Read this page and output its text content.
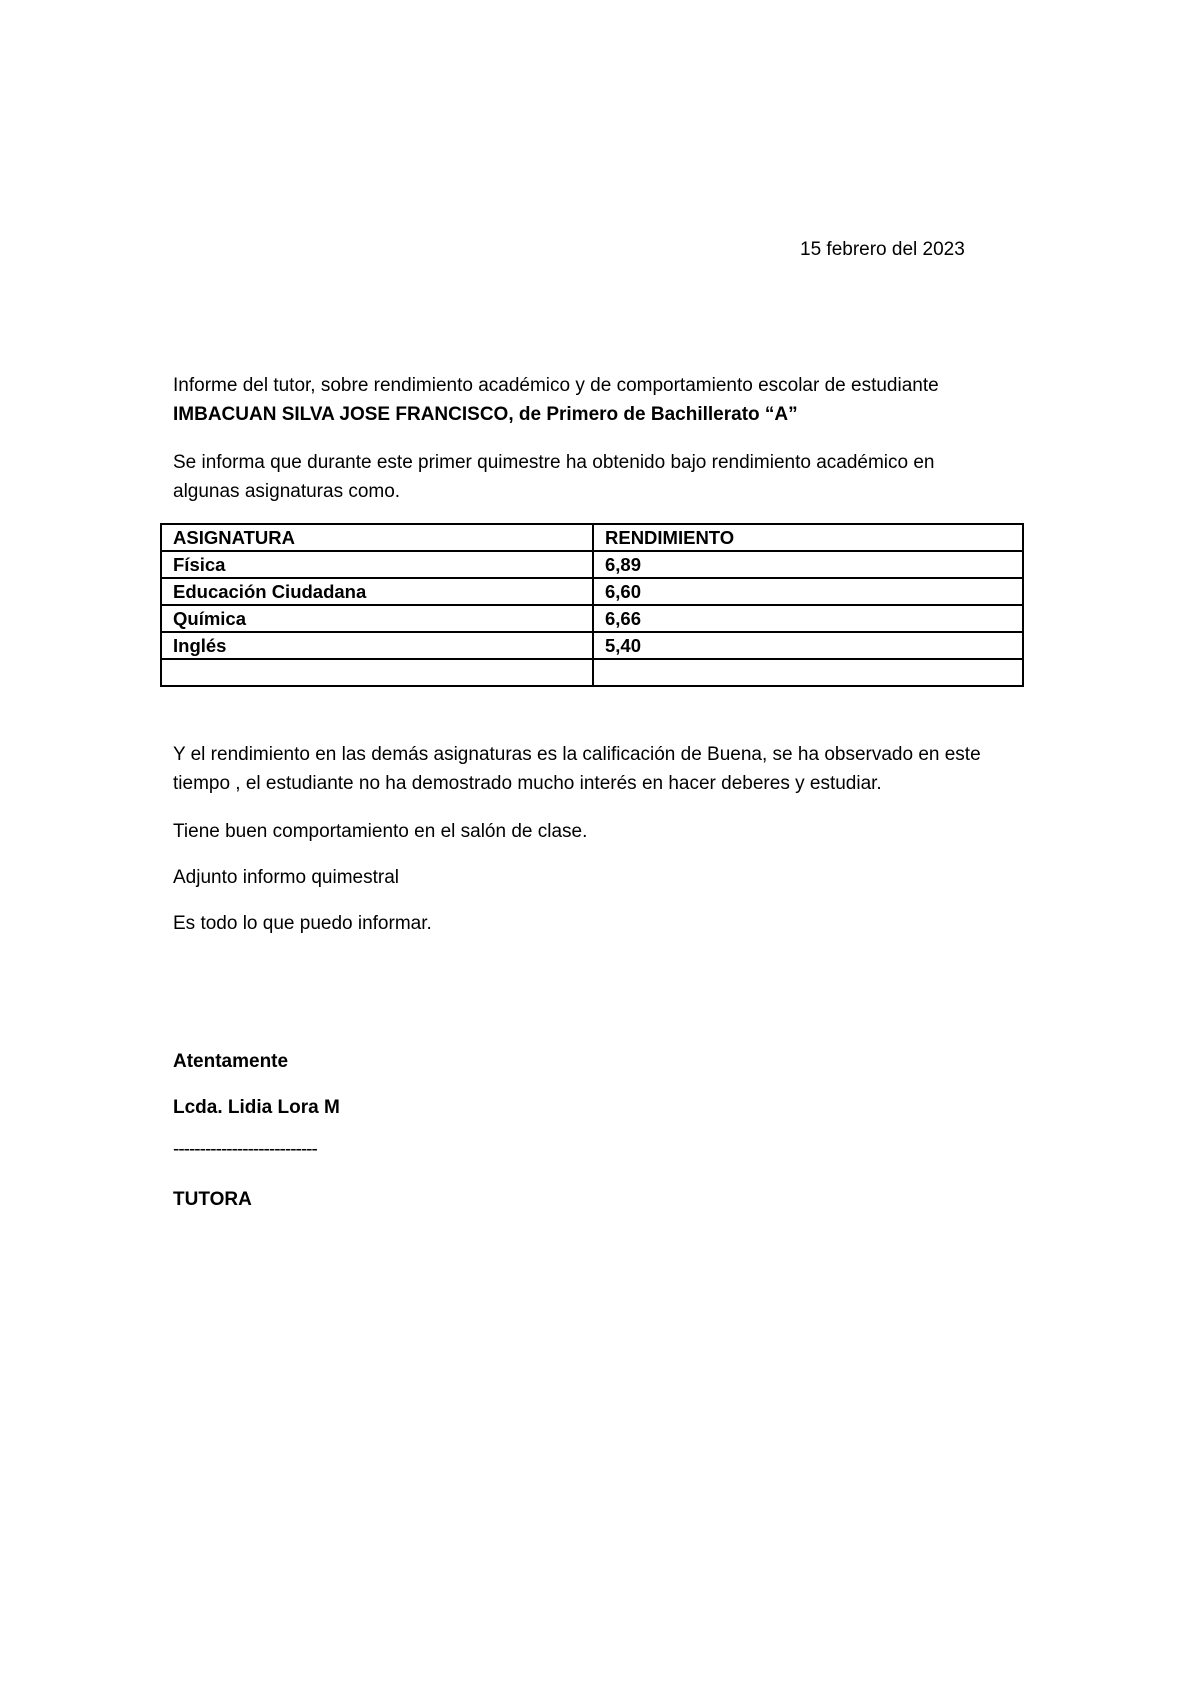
15 febrero del 2023
Informe del tutor, sobre rendimiento académico y de comportamiento escolar de estudiante
IMBACUAN SILVA JOSE FRANCISCO, de Primero de Bachillerato “A”
Se informa que durante este primer quimestre ha obtenido bajo rendimiento académico en
algunas asignaturas como.
ASIGNATURA	RENDIMIENTO
Física	6,89
Educación Ciudadana	6,60
Química	6,66
Inglés	5,40

Y el rendimiento en las demás asignaturas es la calificación de Buena, se ha observado en este
tiempo , el estudiante no ha demostrado mucho interés en hacer deberes y estudiar.
Tiene buen comportamiento en el salón de clase.
Adjunto informo quimestral
Es todo lo que puedo informar.
Atentamente
Lcda. Lidia Lora M
---------------------------
TUTORA
